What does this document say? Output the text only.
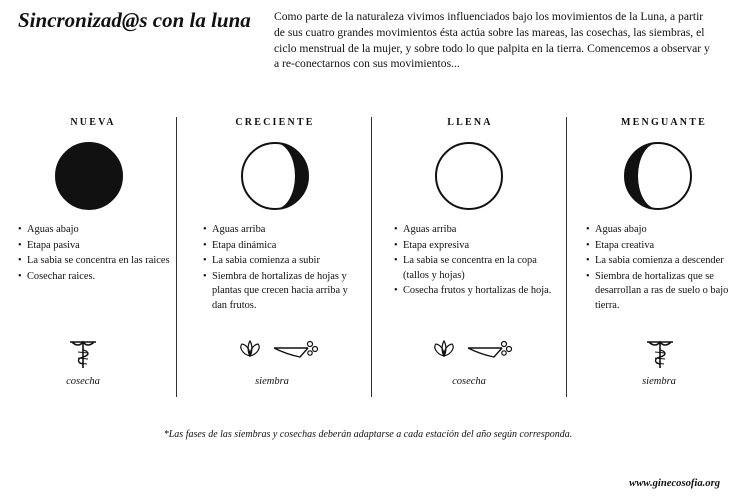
Sincronizad@s con la luna Como parte de la naturaleza vivimos influenciados bajo los movimientos de la Luna, a partir de sus cuatro grandes movimientos ésta actúa sobre las mareas, las cosechas, las siembras, el ciclo menstrual de la mujer, y sobre todo lo que palpita en la tierra. Comencemos a observar y a re-conectarnos con sus movimientos...
NUEVA
• Aguas abajo
• Etapa pasiva
• La sabia se concentra en las raices
• Cosechar raices.
cosecha
CRECIENTE
• Aguas arriba
• Etapa dinámica
• La sabia comienza a subir
• Siembra de hortalizas de hojas y plantas que crecen hacia arriba y dan frutos.
siembra
LLENA
• Aguas arriba
• Etapa expresiva
• La sabia se concentra en la copa (tallos y hojas)
• Cosecha frutos y hortalizas de hoja.
cosecha
MENGUANTE
• Aguas abajo
• Etapa creativa
• La sabia comienza a descender
• Siembra de hortalizas que se desarrollan a ras de suelo o bajo tierra.
siembra
*Las fases de las siembras y cosechas deberán adaptarse a cada estación del año según corresponda.
www.ginecosofia.org
